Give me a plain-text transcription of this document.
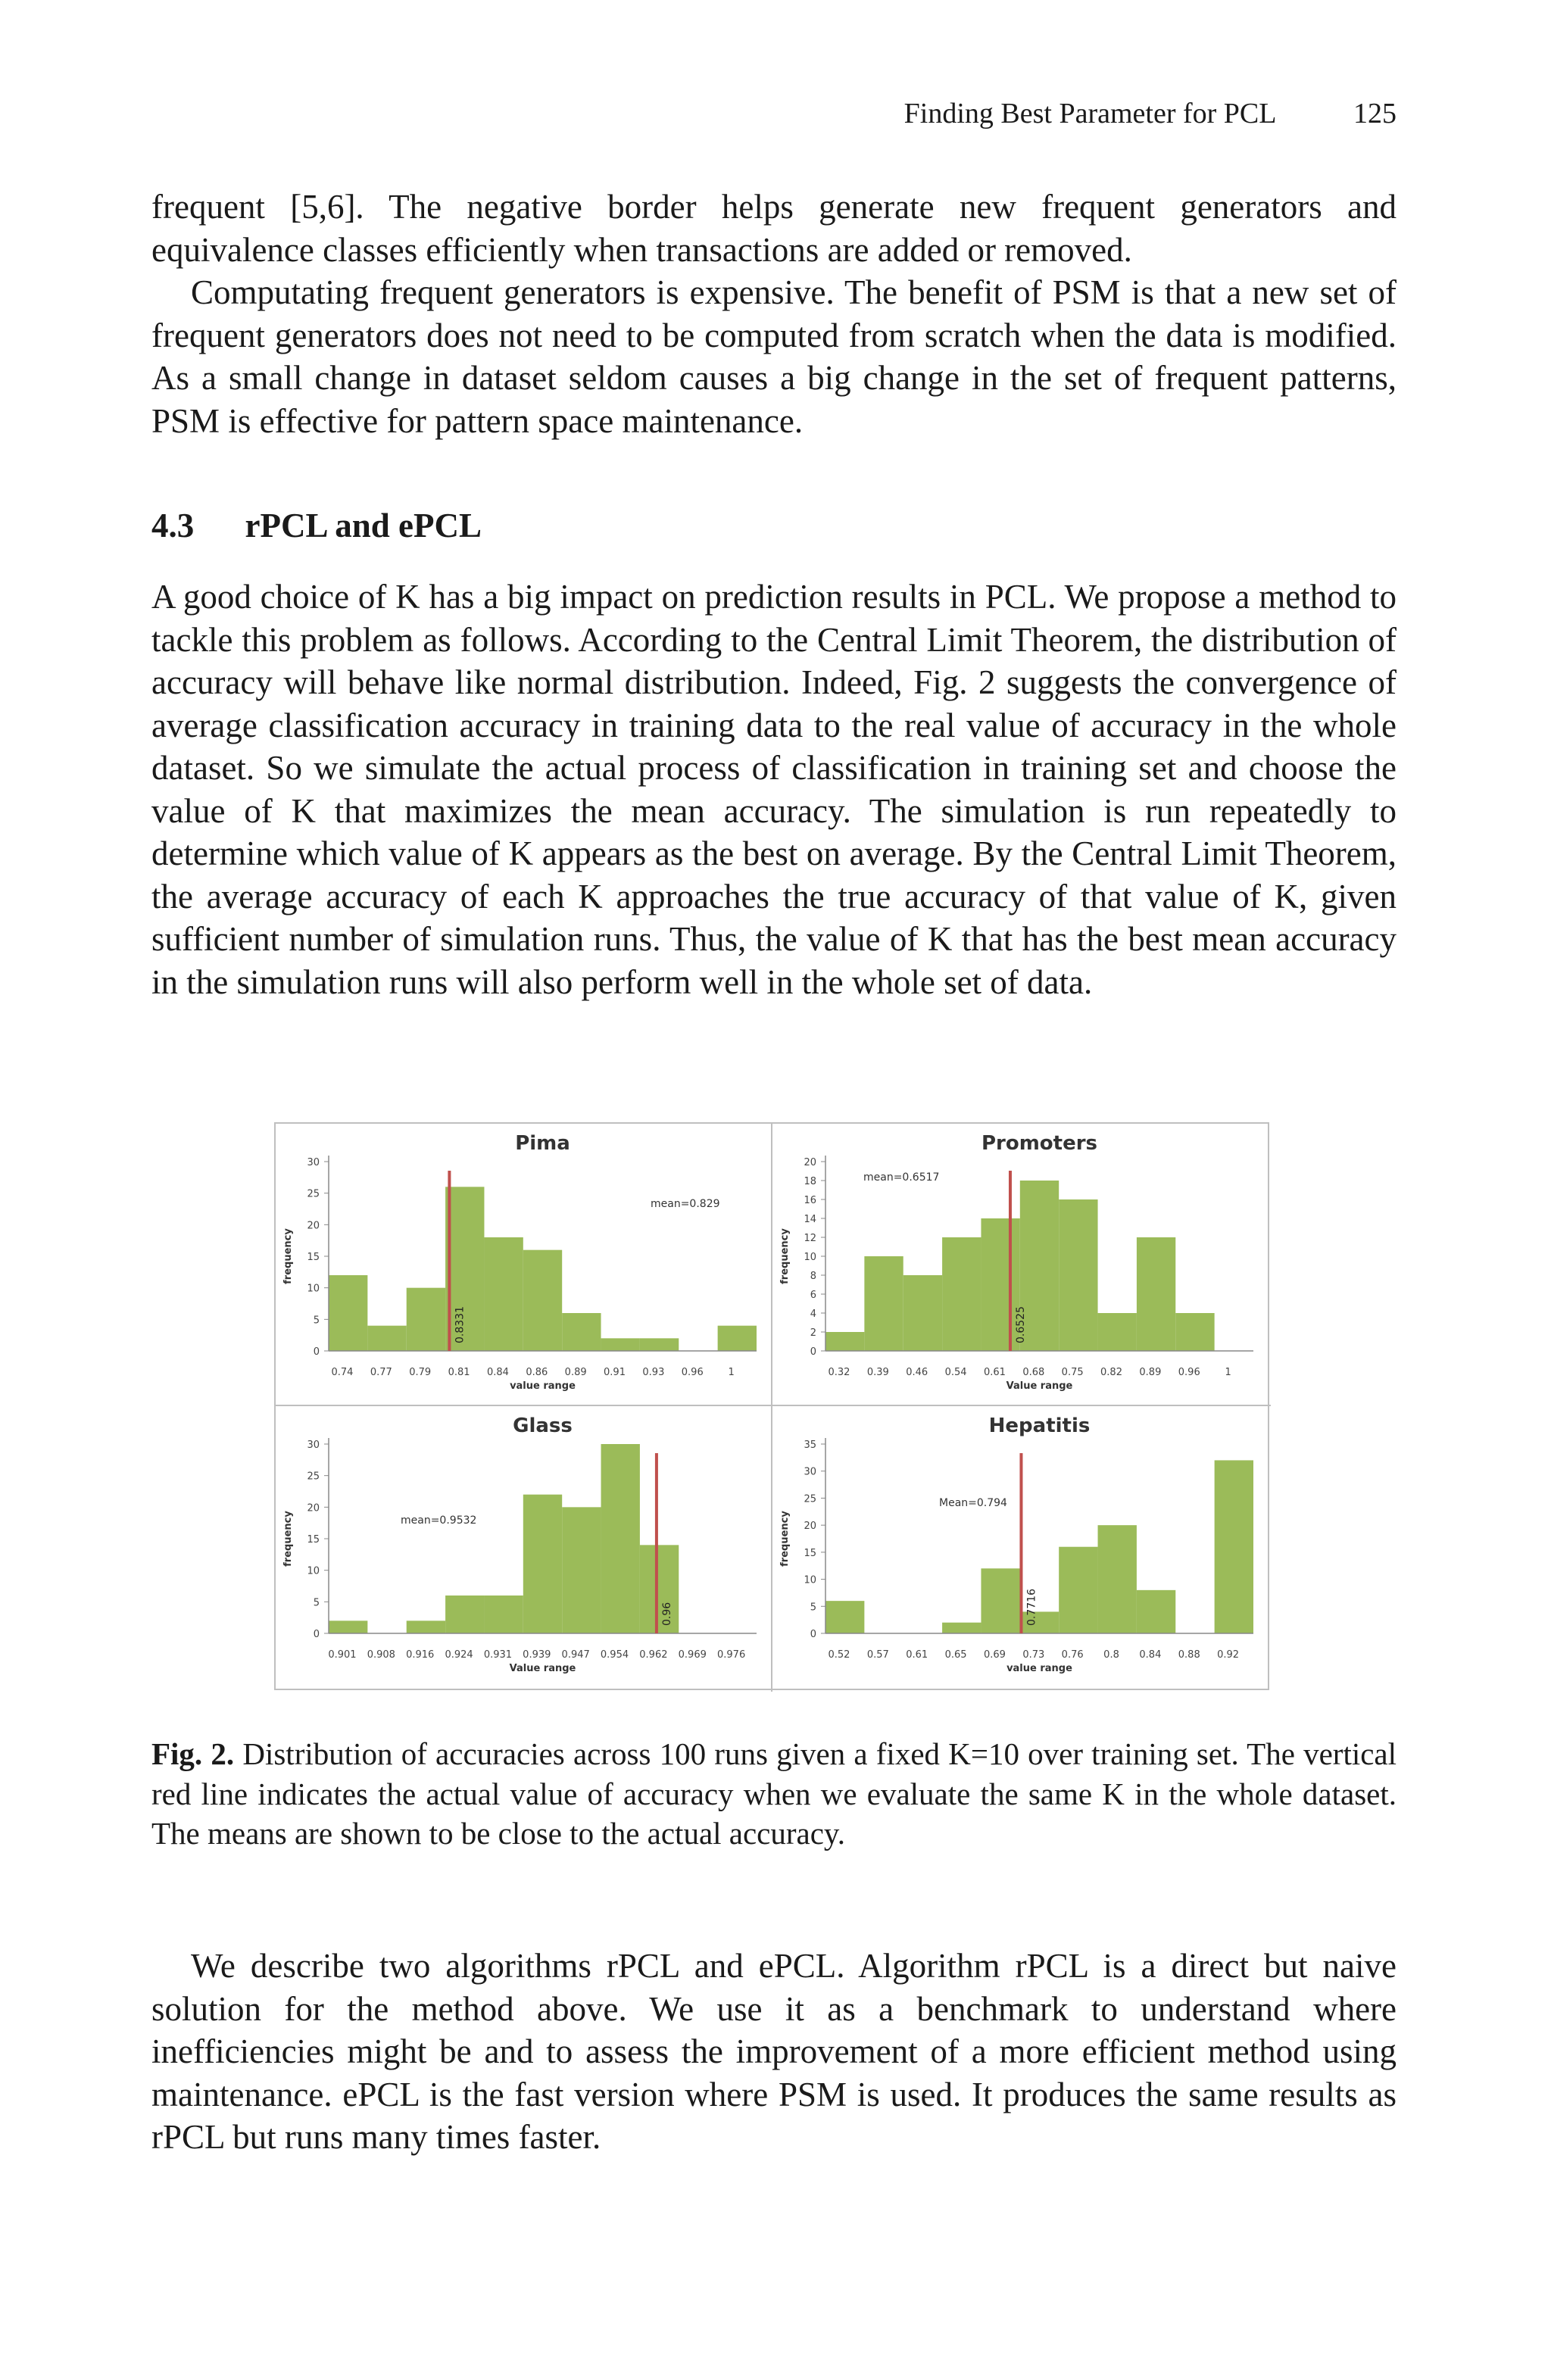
Finding Best Parameter for PCL	125

frequent [5,6]. The negative border helps generate new frequent generators and equivalence classes efficiently when transactions are added or removed.

Computating frequent generators is expensive. The benefit of PSM is that a new set of frequent generators does not need to be computed from scratch when the data is modified. As a small change in dataset seldom causes a big change in the set of frequent patterns, PSM is effective for pattern space maintenance.

4.3 rPCL and ePCL

A good choice of K has a big impact on prediction results in PCL. We propose a method to tackle this problem as follows. According to the Central Limit Theorem, the distribution of accuracy will behave like normal distribution. Indeed, Fig. 2 suggests the convergence of average classification accuracy in training data to the real value of accuracy in the whole dataset. So we simulate the actual process of classification in training set and choose the value of K that maximizes the mean accuracy. The simulation is run repeatedly to determine which value of K appears as the best on average. By the Central Limit Theorem, the average accuracy of each K approaches the true accuracy of that value of K, given sufficient number of simulation runs. Thus, the value of K that has the best mean accuracy in the simulation runs will also perform well in the whole set of data.

Pima
0
5
10
15
20
25
30
0.74 0.77 0.79 0.81 0.84 0.86 0.89 0.91 0.93 0.96	1
value range
frequency
0.8331
mean=0.829
Promoters
0
2
4
6
8
10
12
14
16
18
20
0.32 0.39 0.46 0.54 0.61 0.68 0.75 0.82 0.89 0.96	1
Value range
frequency
0.6525
mean=0.6517
Glass
0
5
10
15
20
25
30
0.901 0.908 0.916 0.924 0.931 0.939 0.947 0.954 0.962 0.969 0.976
Value range
frequency
0.96
mean=0.9532
Hepatitis
0
5
10
15
20
25
30
35
0.52 0.57 0.61 0.65 0.69 0.73 0.76 0.8 0.84 0.88 0.92
value range
frequency
0.7716
Mean=0.794
Fig. 2. Distribution of accuracies across 100 runs given a fixed K=10 over training set. The vertical red line indicates the actual value of accuracy when we evaluate the same K in the whole dataset. The means are shown to be close to the actual accuracy.

We describe two algorithms rPCL and ePCL. Algorithm rPCL is a direct but naive solution for the method above. We use it as a benchmark to understand where inefficiencies might be and to assess the improvement of a more efficient method using maintenance. ePCL is the fast version where PSM is used. It produces the same results as rPCL but runs many times faster.
